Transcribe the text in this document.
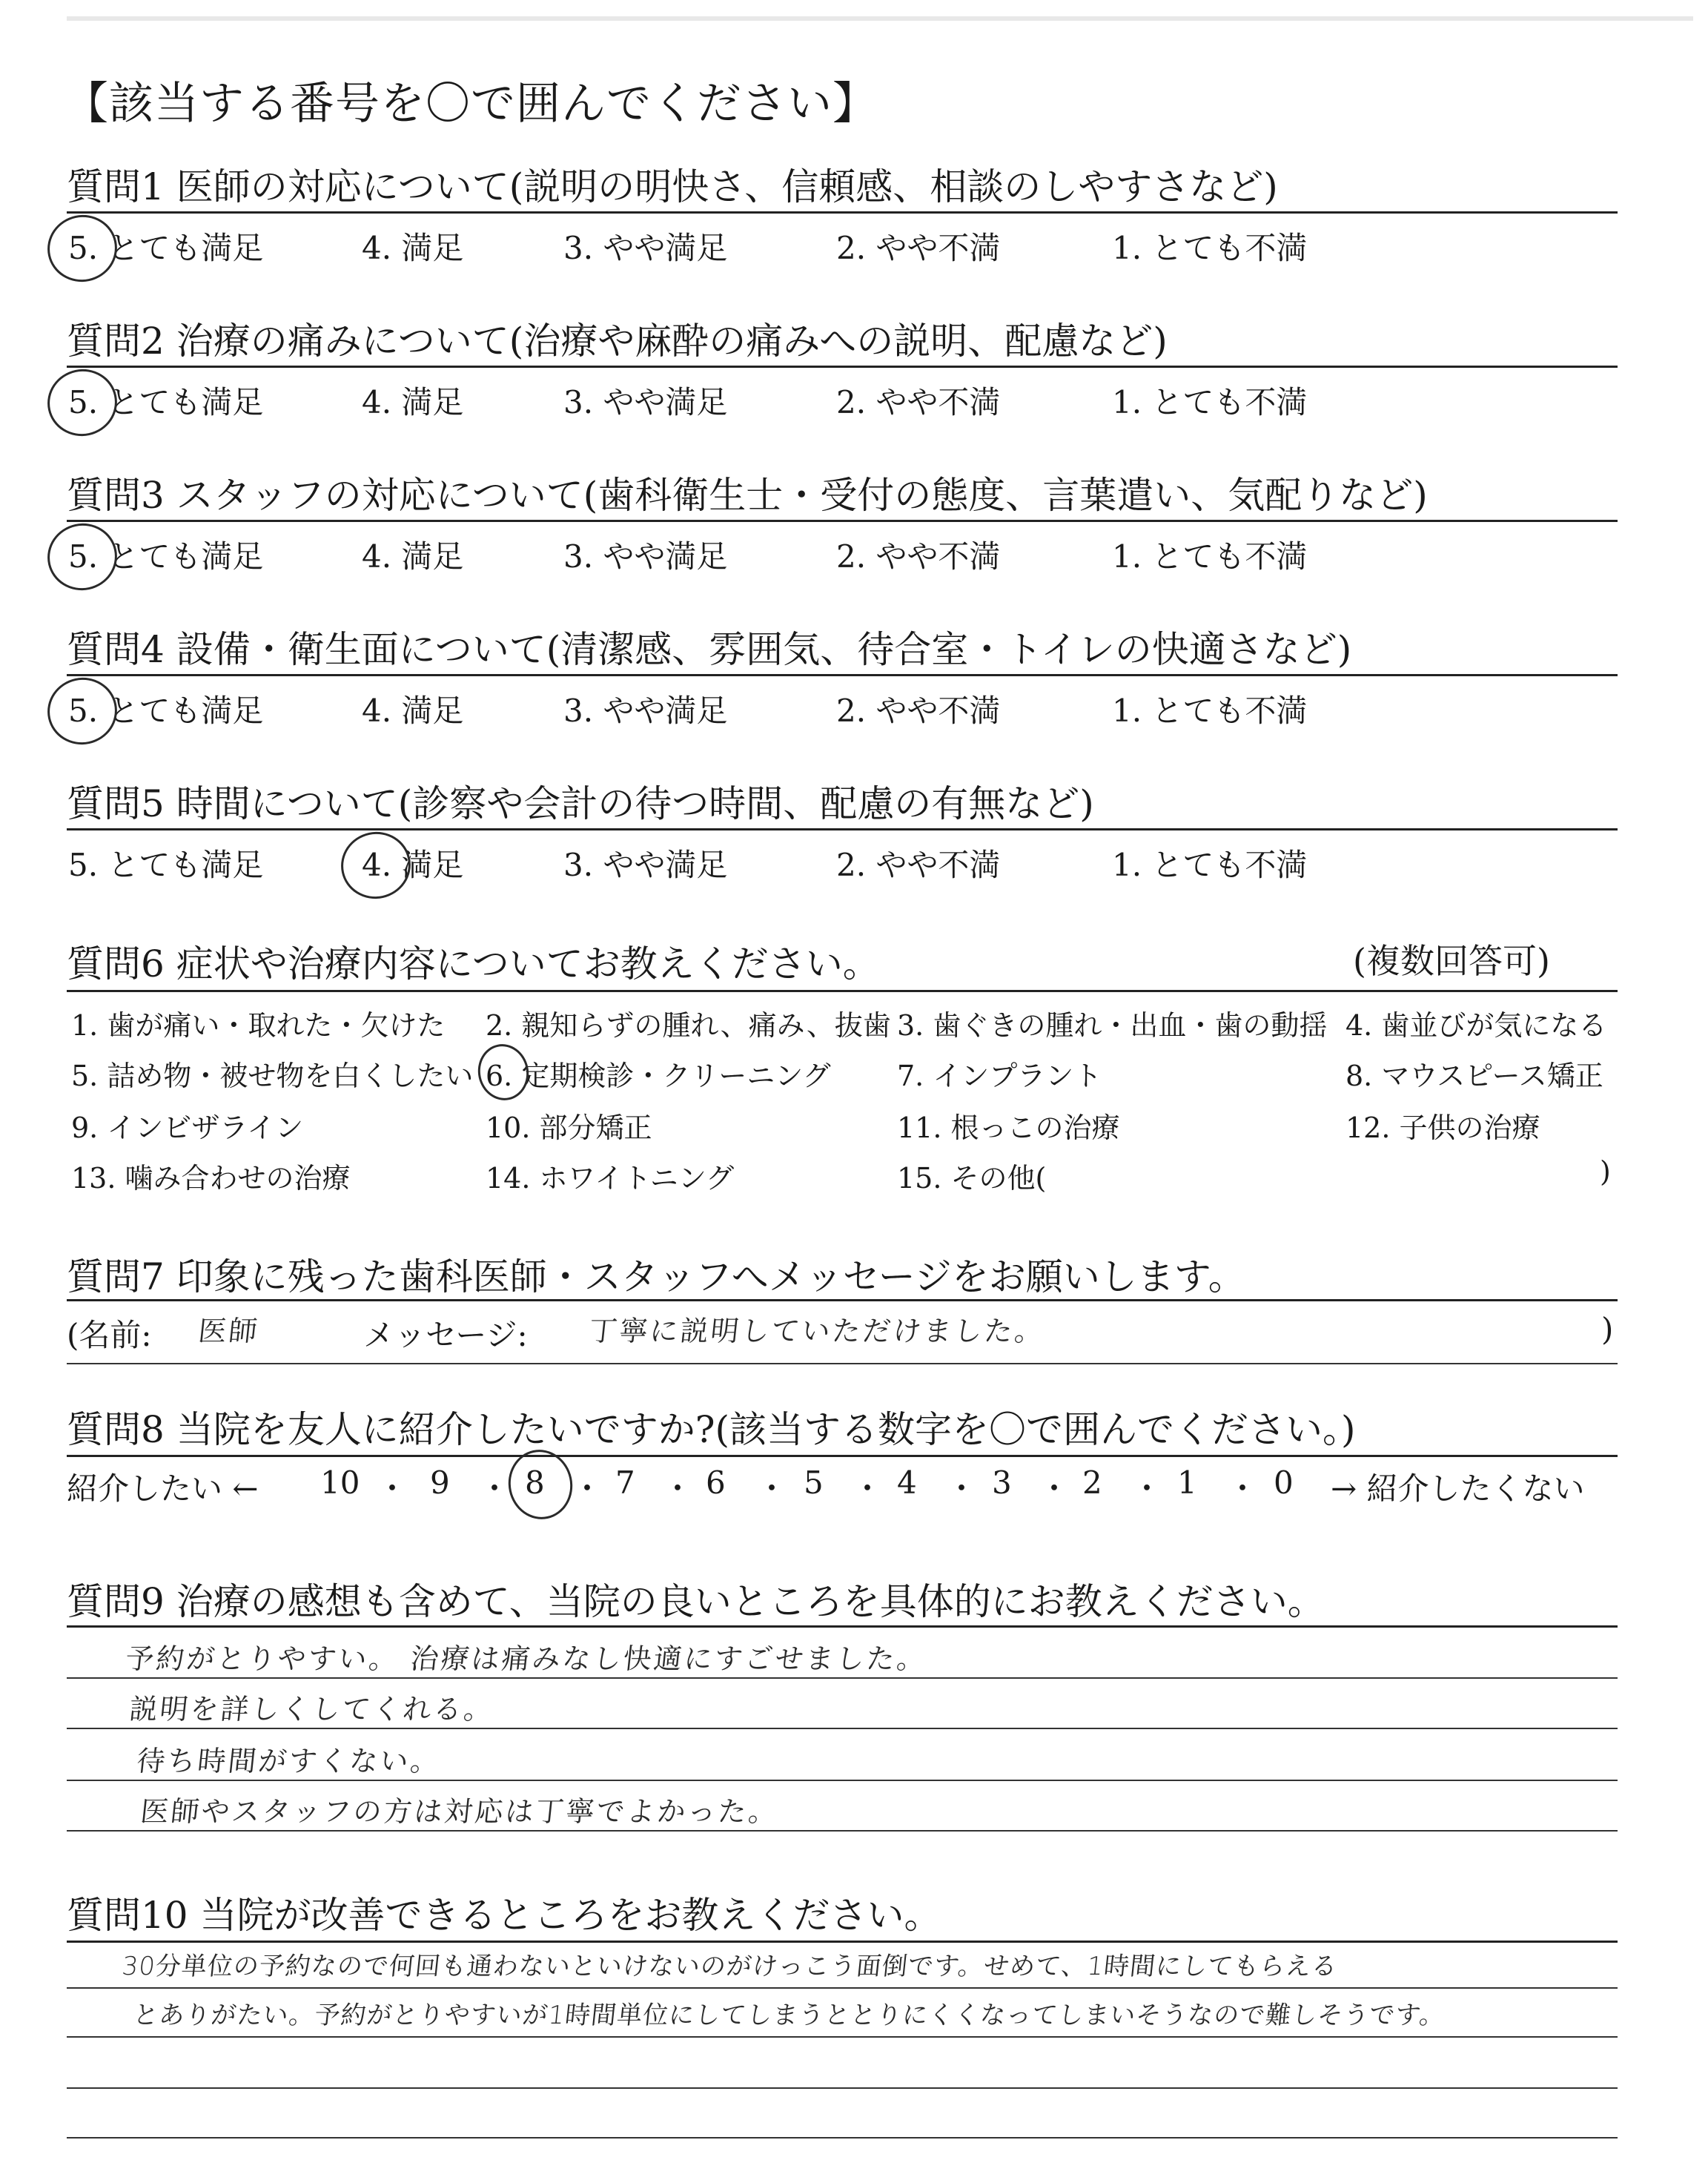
【該当する番号を〇で囲んでください】
質問6 症状や治療内容についてお教えください。	(複数回答可)
質問7 印象に残った歯科医師・スタッフへメッセージをお願いします。
(名前: 医師	メッセージ: 丁寧に説明していただけました。	)
質問8 当院を友人に紹介したいですか?(該当する数字を〇で囲んでください。)
紹介したい ←	→ 紹介したくない
質問9 治療の感想も含めて、当院の良いところを具体的にお教えください。
質問10 当院が改善できるところをお教えください。
質問1 医師の対応について(説明の明快さ、信頼感、相談のしやすさなど)
5. とても満足	4. 満足	3. やや満足	2. やや不満	1. とても不満
質問2 治療の痛みについて(治療や麻酔の痛みへの説明、配慮など)
5. とても満足	4. 満足	3. やや満足	2. やや不満	1. とても不満
質問3 スタッフの対応について(歯科衛生士・受付の態度、言葉遣い、気配りなど)
5. とても満足	4. 満足	3. やや満足	2. やや不満	1. とても不満
質問4 設備・衛生面について(清潔感、雰囲気、待合室・トイレの快適さなど)
5. とても満足	4. 満足	3. やや満足	2. やや不満	1. とても不満
質問5 時間について(診察や会計の待つ時間、配慮の有無など)
5. とても満足	4. 満足	3. やや満足	2. やや不満	1. とても不満
1. 歯が痛い・取れた・欠けた 2. 親知らずの腫れ、痛み、抜歯 3. 歯ぐきの腫れ・出血・歯の動揺 4. 歯並びが気になる
5. 詰め物・被せ物を白くしたい 6. 定期検診・クリーニング 7. インプラント	8. マウスピース矯正
9. インビザライン	10. 部分矯正	11. 根っこの治療	12. 子供の治療
13. 噛み合わせの治療	14. ホワイトニング	15. その他(	)
10 ・ 9 ・ 8 ・ 7 ・ 6 ・ 5 ・ 4 ・ 3 ・ 2 ・ 1 ・ 0
予約がとりやすい。 治療は痛みなし快適にすごせました。
説明を詳しくしてくれる。
待ち時間がすくない。
医師やスタッフの方は対応は丁寧でよかった。
30分単位の予約なので何回も通わないといけないのがけっこう面倒です。せめて、1時間にしてもらえる
とありがたい。予約がとりやすいが1時間単位にしてしまうととりにくくなってしまいそうなので難しそうです。
